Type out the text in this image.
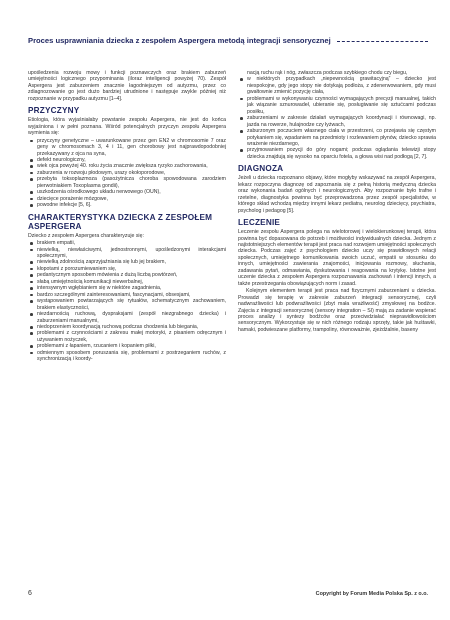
Proces usprawniania dziecka z zespołem Aspergera metodą integracji sensorycznej

upośledzenia rozwoju mowy i funkcji poznawczych oraz brakiem zaburzeń umiejętności logicznego przypominania (iloraz inteligencji powyżej 70). Zespół Aspergera jest zaburzeniem znacznie łagodniejszym od autyzmu, przez co zdiagnozowanie go jest dużo bardziej utrudnione i następuje zwykle później niż rozpoznanie w przypadku autyzmu [1–4].

PRZYCZYNY

Etiologia, która wyjaśniałaby powstanie zespołu Aspergera, nie jest do końca wyjaśniona i w pełni poznana. Wśród potencjalnych przyczyn zespołu Aspergera wymienia się:

przyczyny genetyczne – uwarunkowane przez gen EN2 w chromosomie 7 oraz geny w chromosomach 3, 4 i 11, gen chorobowy jest najprawdopodobniej przekazywany z ojca na syna,
defekt neurologiczny,
wiek ojca powyżej 40. roku życia znacznie zwiększa ryzyko zachorowania,
zaburzenia w rozwoju płodowym, urazy okołoporodowe,
przebyta toksoplazmoza (pasożytnicza choroba spowodowana zarodziem pierwotniakiem Toxoplasma gondii),
uszkodzenia ośrodkowego układu nerwowego (OUN),
dziecięce porażenie mózgowe,
powodne infekcje [5, 6].
CHARAKTERYSTYKA DZIECKA Z ZESPOŁEM
ASPERGERA

Dziecko z zespołem Aspergera charakteryzuje się:

brakiem empatii,
niewielką, niewłaściwymi, jednostronnymi, upośledzonymi interakcjami społecznymi,
niewielką zdolnością zaprzyjaźniania się lub jej brakiem,
kłopotami z porozumiewaniem się,
pedantycznym sposobem mówienia z dużą liczbą powtórzeń,
słabą umiejętnością komunikacji niewerbalnej,
intensywnym wgłębianiem się w niektóre zagadnienia,
bardzo szczególnymi zainteresowaniami, fascynacjami, obsesjami,
wystąpowaniem powtarzających się rytuałów, schematycznym zachowaniem, brakiem elastyczności,
niezdarnością ruchową, dyspraksjami (zespół niezgrabnego dziecka) i zaburzeniami manualnymi,
niedoprzeniem koordynacją ruchową podczas chodzenia lub biegania,
problemami z czynnościami z zakresu małej motoryki, z pisaniem odręcznym i używaniem nożyczek,
problemami z łapaniem, rzucaniem i kopaniem piłki,
odmiennym sposobem poruszania się, problemami z postrzeganiem ruchów, z synchronizacją i koordy-
nacją ruchu rąk i nóg, zwłaszcza podczas szybkiego chodu czy biegu,
w niektórych przypadkach „niepewnością grawitacyjną” – dziecko jest niespokojne, gdy jego stopy nie dotykają podłoża, z zdenerwowaniem, gdy musi gwałtownie zmienić pozycję ciała,
problemami w wykonywaniu czynności wymagających precyzji manualnej, takich jak wiązanie sznurowadeł, ubieranie się, posługiwanie się sztućcami podczas posiłku,
zaburzeniami w zakresie działań wymagających koordynacji i równowagi, np. jazda na rowerze, hulajnodze czy łyżwach,
zaburzonym poczuciem własnego ciała w przestrzeni, co przejawia się częstym potykaniem się, wpadaniem na przedmioty i rozlewaniem płynów, dziecko sprawia wrażenie niezdarnego,
przyjmowaniem pozycji do góry nogami; podczas oglądania telewizji stopy dziecka znajdują się wysoko na oparciu fotela, a głowa wisi nad podłogą [2, 7].
DIAGNOZA

Jeżeli u dziecka rozpoznano objawy, które mogłyby wskazywać na zespół Aspergera, lekarz rozpoczyna diagnozę od zapoznania się z pełną historią medyczną dziecka oraz wykonania badań ogólnych i neurologicznych. Aby rozpoznanie było trafne i rzetelne, diagnostyka powinna być przeprowadzona przez zespół specjalistów, w którego skład wchodzą między innymi lekarz pediatra, neurolog dziecięcy, psychiatra, psycholog i pedagog [5].

LECZENIE

Leczenie zespołu Aspergera polega na wielotorowej i wielokierunkowej terapii, która powinna być dopasowana do potrzeb i możliwości indywidualnych dziecka. Jednym z najistotniejszych elementów terapii jest praca nad rozwojem umiejętności społecznych dziecka. Podczas zajęć z psychologiem dziecko uczy się prawidłowych relacji społecznych, umiejętnego komunikowania swoich uczuć, empatii w stosunku do innych, umiejętności zawierania znajomości, inicjowania rozmowy, słuchania, zadawania pytań, odmawiania, dyskutowania i reagowania na krytykę. Istotne jest uczenie dziecka z zespołem Aspergera rozpoznawania zachowań i intencji innych, a także przestrzegania obowiązujących norm i zasad.

Kolejnym elementem terapii jest praca nad fizycznymi zaburzeniami u dziecka. Prowadzi się terapię w zakresie zaburzeń integracji sensorycznej, czyli nadwrażliwości lub podwrażliwości (zbyt mała wrażliwość) zmysłowej na bodźce. Zajęcia z integracji sensorycznej (sensory integration – SI) mają za zadanie wspierać proces analizy i syntezy bodźców oraz przeciwdziałać nieprawidłowościom sensorycznym. Wykorzystuje się w nich różnego rodzaju sprzęty, takie jak huśtawki, hamaki, podwieszane platformy, trampoliny, równoważnie, zjeżdżalnie, baseny

6	Copyright by Forum Media Polska Sp. z o.o.
